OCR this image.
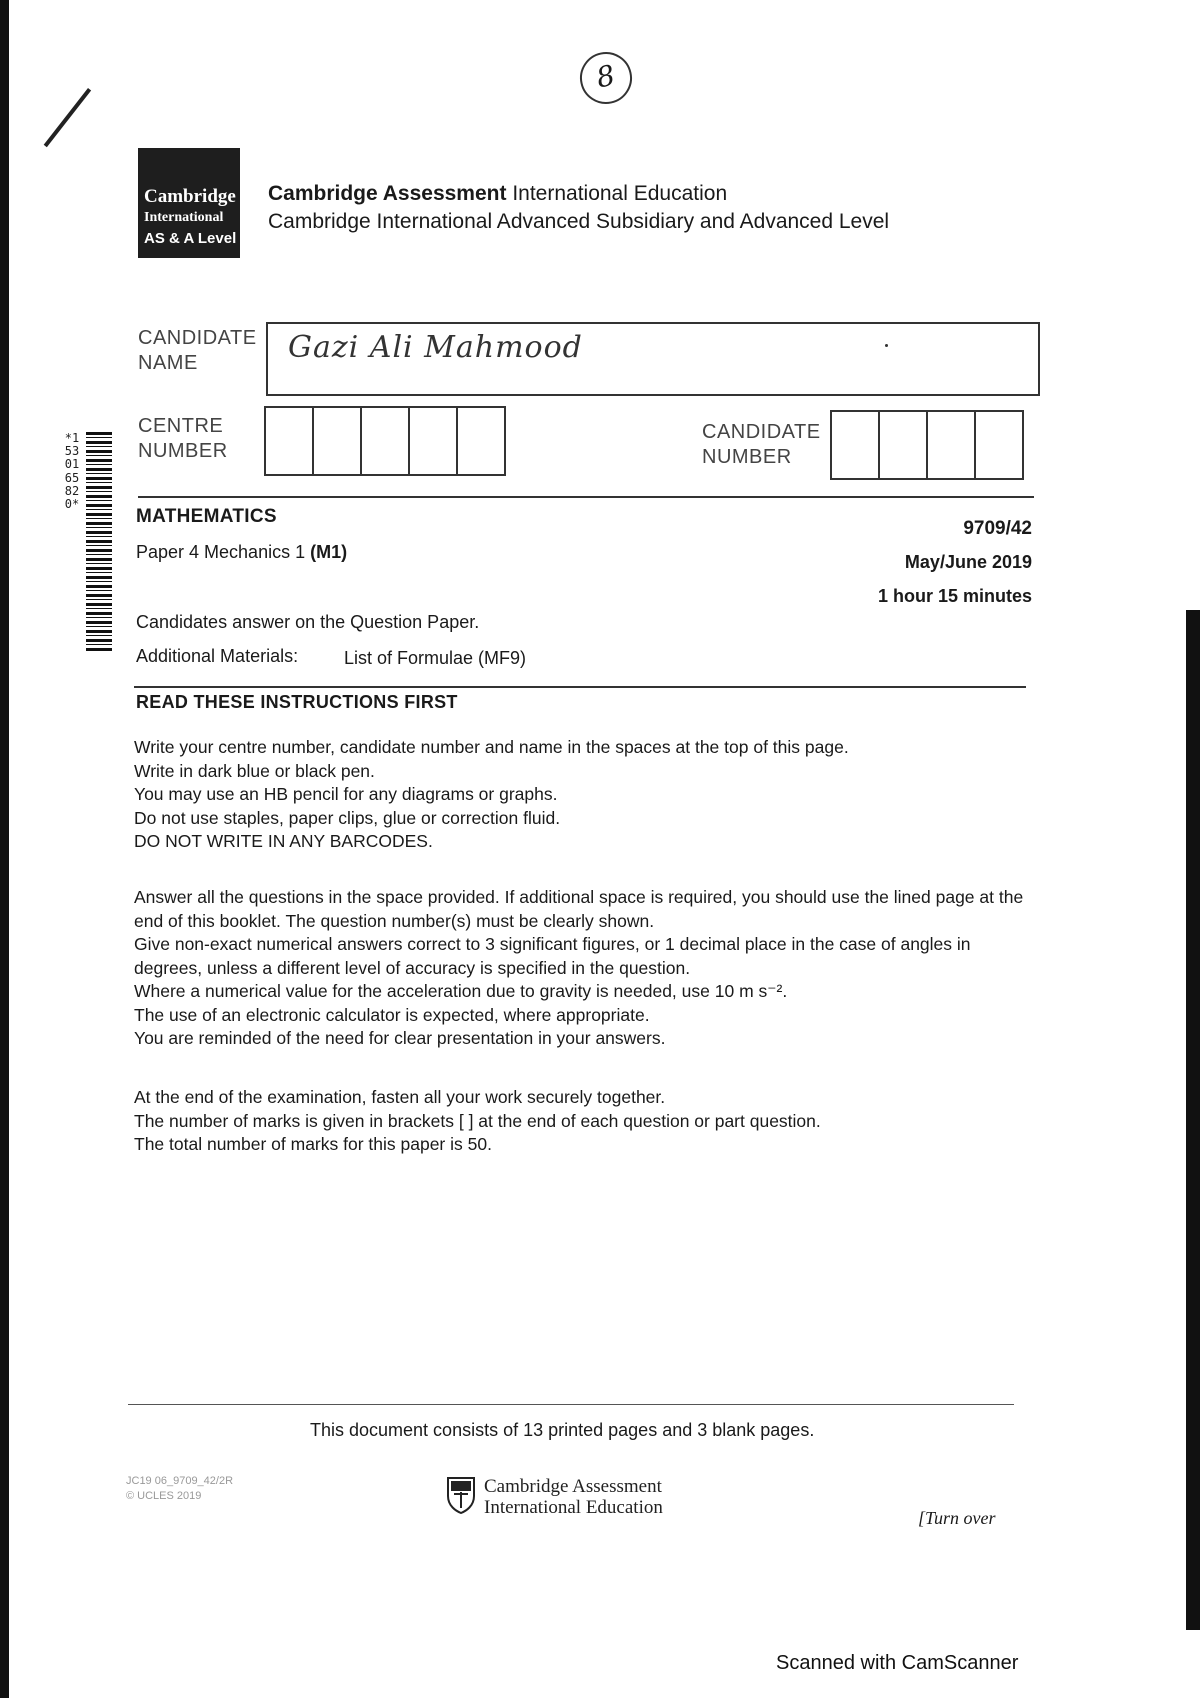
8
Cambridge
International
AS & A Level
Cambridge Assessment International Education
Cambridge International Advanced Subsidiary and Advanced Level
CANDIDATE
NAME	Gazi Ali Mahmood
CENTRE
NUMBER
CANDIDATE
NUMBER
*1530165820*
MATHEMATICS
Paper 4 Mechanics 1 (M1)
9709/42
May/June 2019
1 hour 15 minutes
Candidates answer on the Question Paper.
Additional Materials:	List of Formulae (MF9)
READ THESE INSTRUCTIONS FIRST
Write your centre number, candidate number and name in the spaces at the top of this page.
Write in dark blue or black pen.
You may use an HB pencil for any diagrams or graphs.
Do not use staples, paper clips, glue or correction fluid.
DO NOT WRITE IN ANY BARCODES.
Answer all the questions in the space provided. If additional space is required, you should use the lined page at the end of this booklet. The question number(s) must be clearly shown.
Give non-exact numerical answers correct to 3 significant figures, or 1 decimal place in the case of angles in degrees, unless a different level of accuracy is specified in the question.
Where a numerical value for the acceleration due to gravity is needed, use 10 m s⁻².
The use of an electronic calculator is expected, where appropriate.
You are reminded of the need for clear presentation in your answers.
At the end of the examination, fasten all your work securely together.
The number of marks is given in brackets [ ] at the end of each question or part question.
The total number of marks for this paper is 50.
This document consists of 13 printed pages and 3 blank pages.
JC19 06_9709_42/2R
© UCLES 2019	Cambridge Assessment
International Education	[Turn over
Scanned with CamScanner
